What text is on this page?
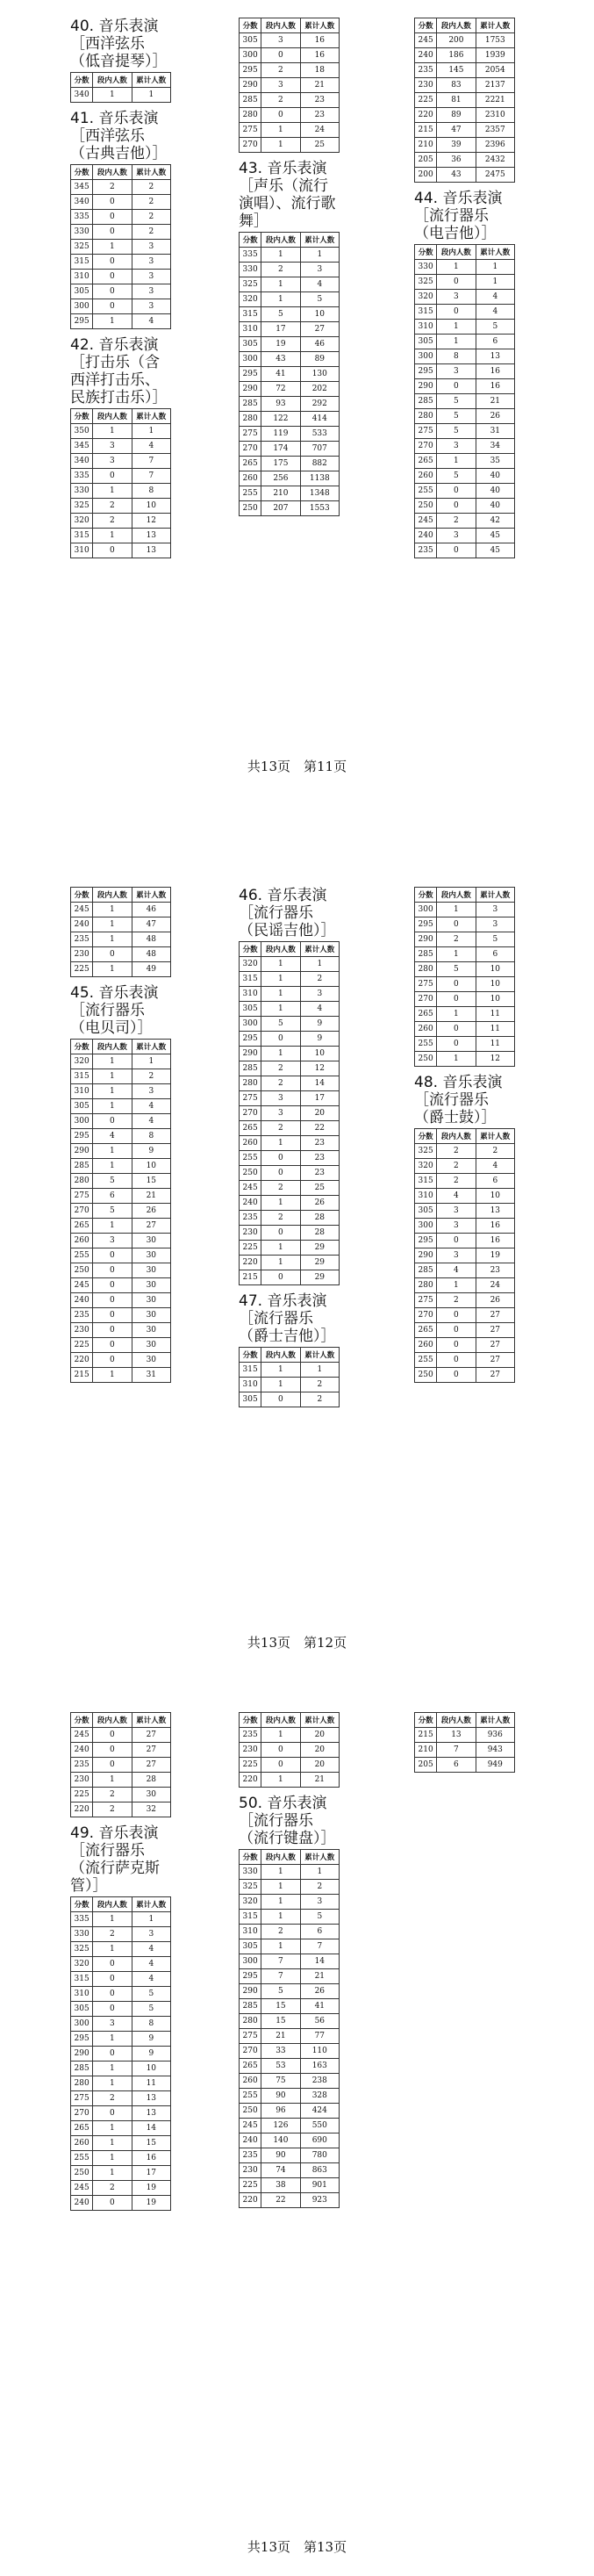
40. 音乐表演［西洋弦乐（低音提琴）］
分数	段内人数	累计人数
340	1	1
41. 音乐表演［西洋弦乐（古典吉他）］
分数	段内人数	累计人数
345	2	2
340	0	2
335	0	2
330	0	2
325	1	3
315	0	3
310	0	3
305	0	3
300	0	3
295	1	4
42. 音乐表演［打击乐（含西洋打击乐、民族打击乐）］
分数	段内人数	累计人数
350	1	1
345	3	4
340	3	7
335	0	7
330	1	8
325	2	10
320	2	12
315	1	13
310	0	13
分数	段内人数	累计人数
305	3	16
300	0	16
295	2	18
290	3	21
285	2	23
280	0	23
275	1	24
270	1	25
43. 音乐表演［声乐（流行演唱）、流行歌舞］
分数	段内人数	累计人数
335	1	1
330	2	3
325	1	4
320	1	5
315	5	10
310	17	27
305	19	46
300	43	89
295	41	130
290	72	202
285	93	292
280	122	414
275	119	533
270	174	707
265	175	882
260	256	1138
255	210	1348
250	207	1553
分数	段内人数	累计人数
245	200	1753
240	186	1939
235	145	2054
230	83	2137
225	81	2221
220	89	2310
215	47	2357
210	39	2396
205	36	2432
200	43	2475
44. 音乐表演［流行器乐（电吉他）］
分数	段内人数	累计人数
330	1	1
325	0	1
320	3	4
315	0	4
310	1	5
305	1	6
300	8	13
295	3	16
290	0	16
285	5	21
280	5	26
275	5	31
270	3	34
265	1	35
260	5	40
255	0	40
250	0	40
245	2	42
240	3	45
235	0	45
共13页　第11页
分数	段内人数	累计人数
245	1	46
240	1	47
235	1	48
230	0	48
225	1	49
45. 音乐表演［流行器乐（电贝司）］
分数	段内人数	累计人数
320	1	1
315	1	2
310	1	3
305	1	4
300	0	4
295	4	8
290	1	9
285	1	10
280	5	15
275	6	21
270	5	26
265	1	27
260	3	30
255	0	30
250	0	30
245	0	30
240	0	30
235	0	30
230	0	30
225	0	30
220	0	30
215	1	31
46. 音乐表演［流行器乐（民谣吉他）］
分数	段内人数	累计人数
320	1	1
315	1	2
310	1	3
305	1	4
300	5	9
295	0	9
290	1	10
285	2	12
280	2	14
275	3	17
270	3	20
265	2	22
260	1	23
255	0	23
250	0	23
245	2	25
240	1	26
235	2	28
230	0	28
225	1	29
220	1	29
215	0	29
47. 音乐表演［流行器乐（爵士吉他）］
分数	段内人数	累计人数
315	1	1
310	1	2
305	0	2
分数	段内人数	累计人数
300	1	3
295	0	3
290	2	5
285	1	6
280	5	10
275	0	10
270	0	10
265	1	11
260	0	11
255	0	11
250	1	12
48. 音乐表演［流行器乐（爵士鼓）］
分数	段内人数	累计人数
325	2	2
320	2	4
315	2	6
310	4	10
305	3	13
300	3	16
295	0	16
290	3	19
285	4	23
280	1	24
275	2	26
270	0	27
265	0	27
260	0	27
255	0	27
250	0	27
共13页　第12页
分数	段内人数	累计人数
245	0	27
240	0	27
235	0	27
230	1	28
225	2	30
220	2	32
49. 音乐表演［流行器乐（流行萨克斯管）］
分数	段内人数	累计人数
335	1	1
330	2	3
325	1	4
320	0	4
315	0	4
310	0	5
305	0	5
300	3	8
295	1	9
290	0	9
285	1	10
280	1	11
275	2	13
270	0	13
265	1	14
260	1	15
255	1	16
250	1	17
245	2	19
240	0	19
分数	段内人数	累计人数
235	1	20
230	0	20
225	0	20
220	1	21
50. 音乐表演［流行器乐（流行键盘）］
分数	段内人数	累计人数
330	1	1
325	1	2
320	1	3
315	1	5
310	2	6
305	1	7
300	7	14
295	7	21
290	5	26
285	15	41
280	15	56
275	21	77
270	33	110
265	53	163
260	75	238
255	90	328
250	96	424
245	126	550
240	140	690
235	90	780
230	74	863
225	38	901
220	22	923
分数	段内人数	累计人数
215	13	936
210	7	943
205	6	949
共13页　第13页
